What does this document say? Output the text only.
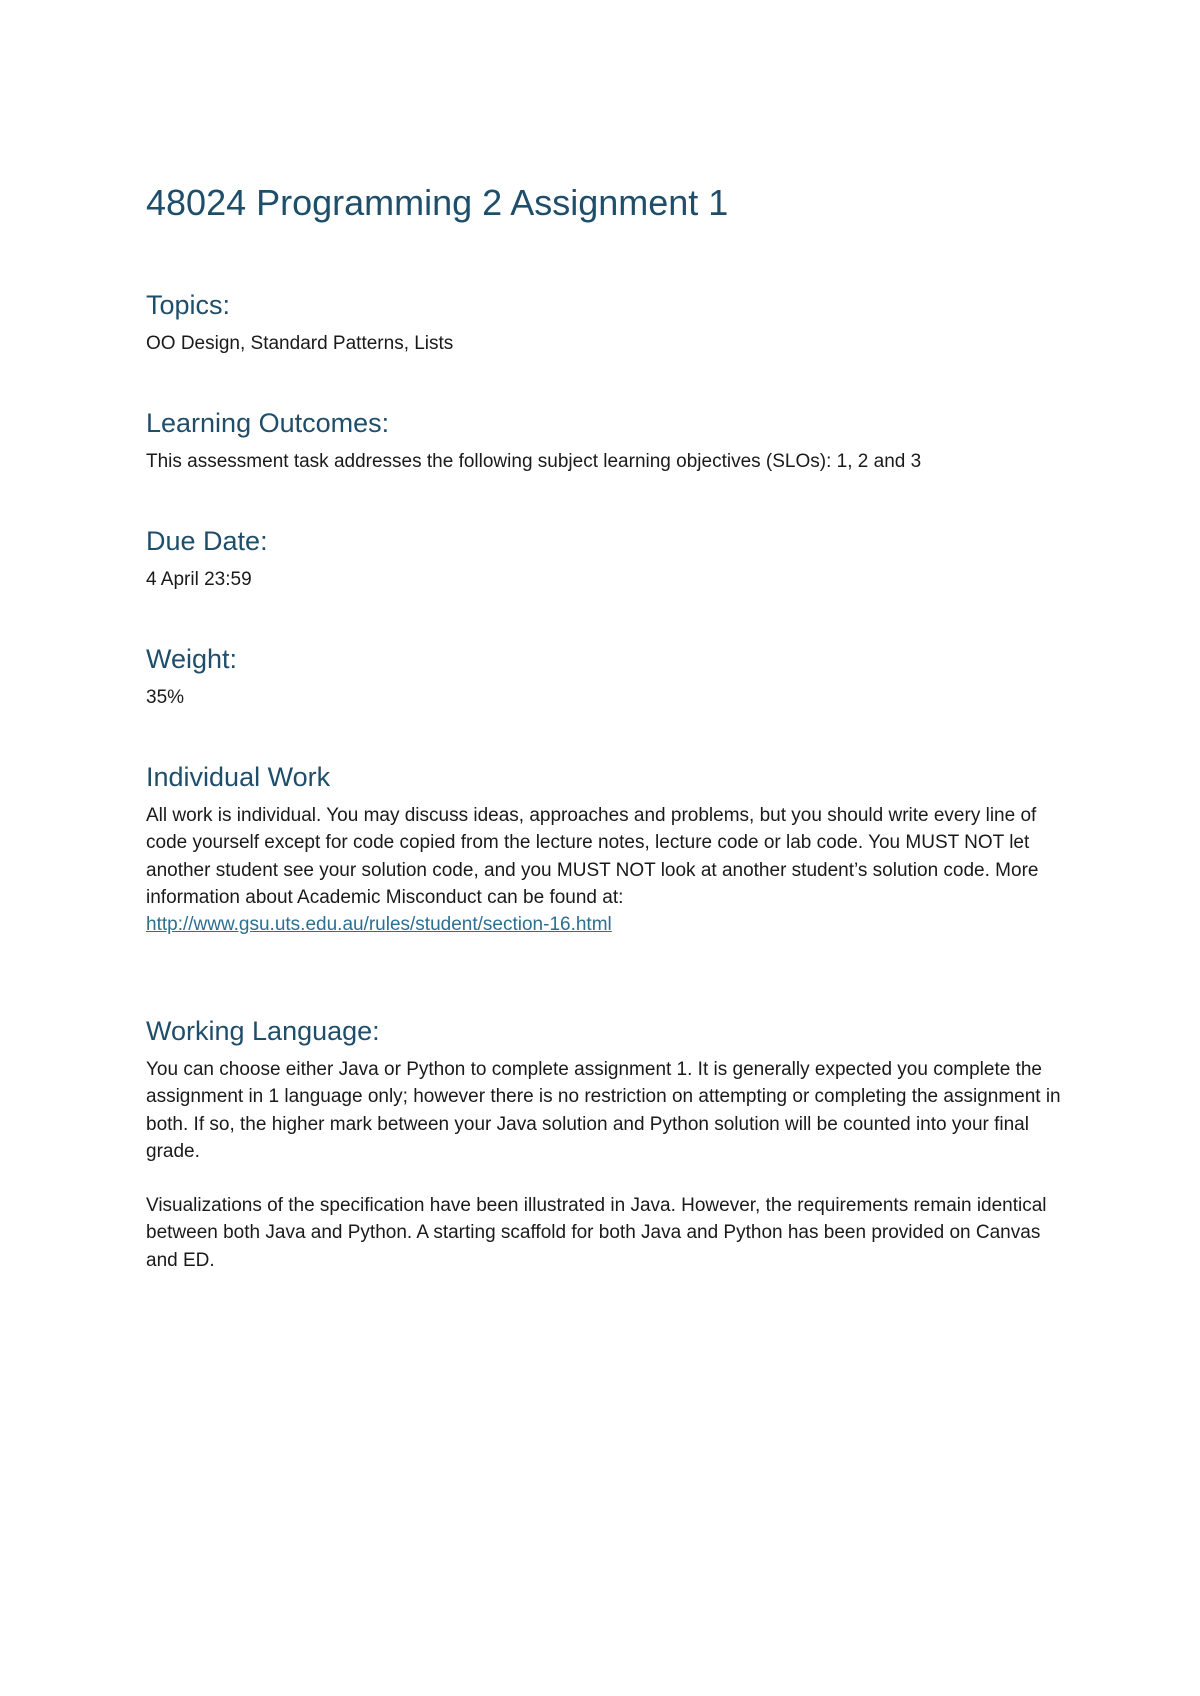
48024 Programming 2 Assignment 1
Topics:

OO Design, Standard Patterns, Lists

Learning Outcomes:

This assessment task addresses the following subject learning objectives (SLOs): 1, 2 and 3

Due Date:

4 April 23:59

Weight:

35%

Individual Work

All work is individual. You may discuss ideas, approaches and problems, but you should write every line of code yourself except for code copied from the lecture notes, lecture code or lab code. You MUST NOT let another student see your solution code, and you MUST NOT look at another student’s solution code. More information about Academic Misconduct can be found at:

http://www.gsu.uts.edu.au/rules/student/section-16.html
Working Language:

You can choose either Java or Python to complete assignment 1. It is generally expected you complete the assignment in 1 language only; however there is no restriction on attempting or completing the assignment in both. If so, the higher mark between your Java solution and Python solution will be counted into your final grade.

Visualizations of the specification have been illustrated in Java. However, the requirements remain identical between both Java and Python. A starting scaffold for both Java and Python has been provided on Canvas and ED.
